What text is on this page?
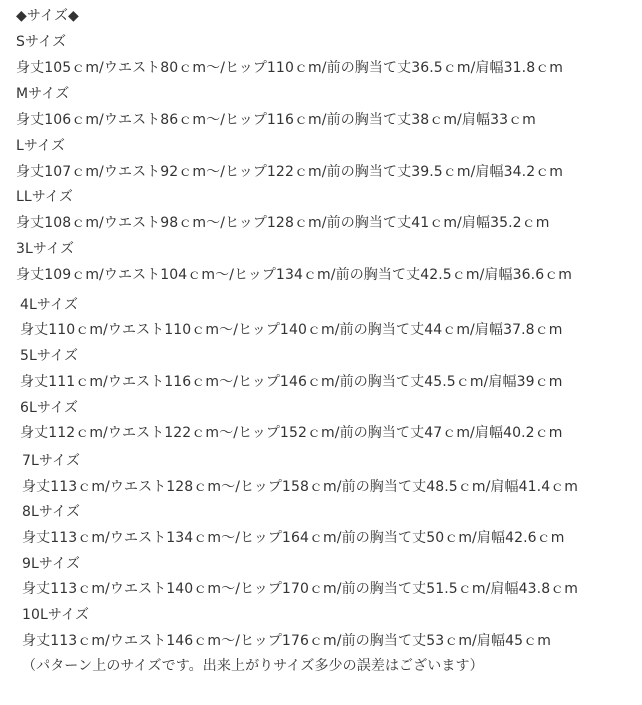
◆サイズ◆
Sサイズ
身丈105ｃm/ウエスト80ｃm～/ヒップ110ｃm/前の胸当て丈36.5ｃm/肩幅31.8ｃm
Mサイズ
身丈106ｃm/ウエスト86ｃm～/ヒップ116ｃm/前の胸当て丈38ｃm/肩幅33ｃm
Lサイズ
身丈107ｃm/ウエスト92ｃm～/ヒップ122ｃm/前の胸当て丈39.5ｃm/肩幅34.2ｃm
LLサイズ
身丈108ｃm/ウエスト98ｃm～/ヒップ128ｃm/前の胸当て丈41ｃm/肩幅35.2ｃm
3Lサイズ
身丈109ｃm/ウエスト104ｃm～/ヒップ134ｃm/前の胸当て丈42.5ｃm/肩幅36.6ｃm
4Lサイズ
身丈110ｃm/ウエスト110ｃm～/ヒップ140ｃm/前の胸当て丈44ｃm/肩幅37.8ｃm
5Lサイズ
身丈111ｃm/ウエスト116ｃm～/ヒップ146ｃm/前の胸当て丈45.5ｃm/肩幅39ｃm
6Lサイズ
身丈112ｃm/ウエスト122ｃm～/ヒップ152ｃm/前の胸当て丈47ｃm/肩幅40.2ｃm
7Lサイズ
身丈113ｃm/ウエスト128ｃm～/ヒップ158ｃm/前の胸当て丈48.5ｃm/肩幅41.4ｃm
8Lサイズ
身丈113ｃm/ウエスト134ｃm～/ヒップ164ｃm/前の胸当て丈50ｃm/肩幅42.6ｃm
9Lサイズ
身丈113ｃm/ウエスト140ｃm～/ヒップ170ｃm/前の胸当て丈51.5ｃm/肩幅43.8ｃm
10Lサイズ
身丈113ｃm/ウエスト146ｃm～/ヒップ176ｃm/前の胸当て丈53ｃm/肩幅45ｃm
（パターン上のサイズです。出来上がりサイズ多少の誤差はございます）
